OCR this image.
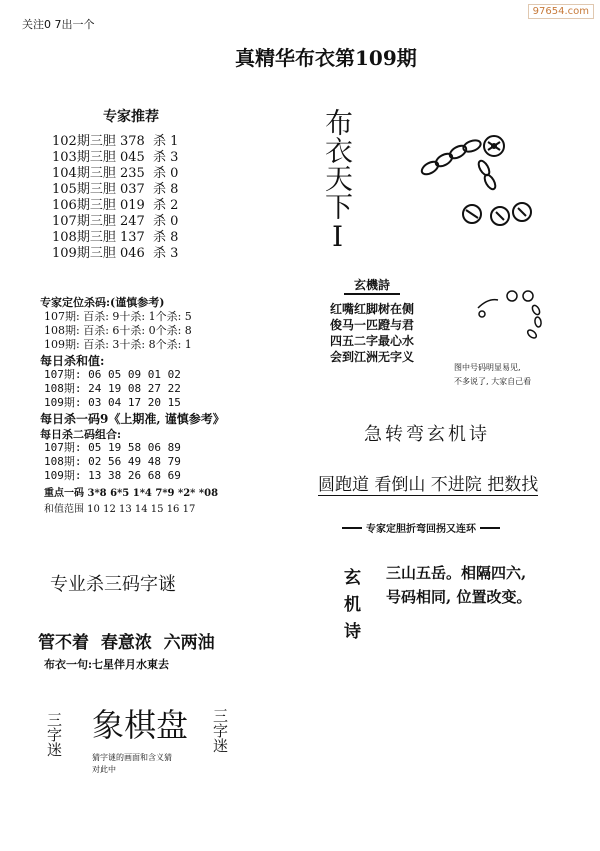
关注0 7出一个
97654.com
真精华布衣第109期
专家推荐
102期三胆 378  杀 1
103期三胆 045  杀 3
104期三胆 235  杀 0
105期三胆 037  杀 8
106期三胆 019  杀 2
107期三胆 247  杀 0
108期三胆 137  杀 8
109期三胆 046  杀 3
专家定位杀码:(谨慎参考)
107期: 百杀: 9十杀: 1个杀: 5
108期: 百杀: 6十杀: 0个杀: 8
109期: 百杀: 3十杀: 8个杀: 1
每日杀和值:
107期: 06 05 09 01 02
108期: 24 19 08 27 22
109期: 03 04 17 20 15
每日杀一码9《上期准, 谨慎参考》
每日杀二码组合:
107期: 05 19 58 06 89
108期: 02 56 49 48 79
109期: 13 38 26 68 69
重点一码 3*8 6*5 1*4 7*9 *2* *08
和值范围 10 12 13 14 15 16 17
专业杀三码字谜
管不着  春意浓  六两油
布衣一句:七星伴月水東去
三字迷 象棋盘
猜字谜的画面和含义猜
对此中
三字迷
布衣天下I
玄機詩
红嘴红脚树在侧
俊马一匹蹬与君
四五二字最心水
会到江洲无字义
图中号码明显易见,
不多说了, 大家自己看
急转弯玄机诗
圆跑道 看倒山 不进院 把数找
专家定胆折弯回拐又连环
玄机诗 三山五岳。相隔四六,
号码相同, 位置改变。
